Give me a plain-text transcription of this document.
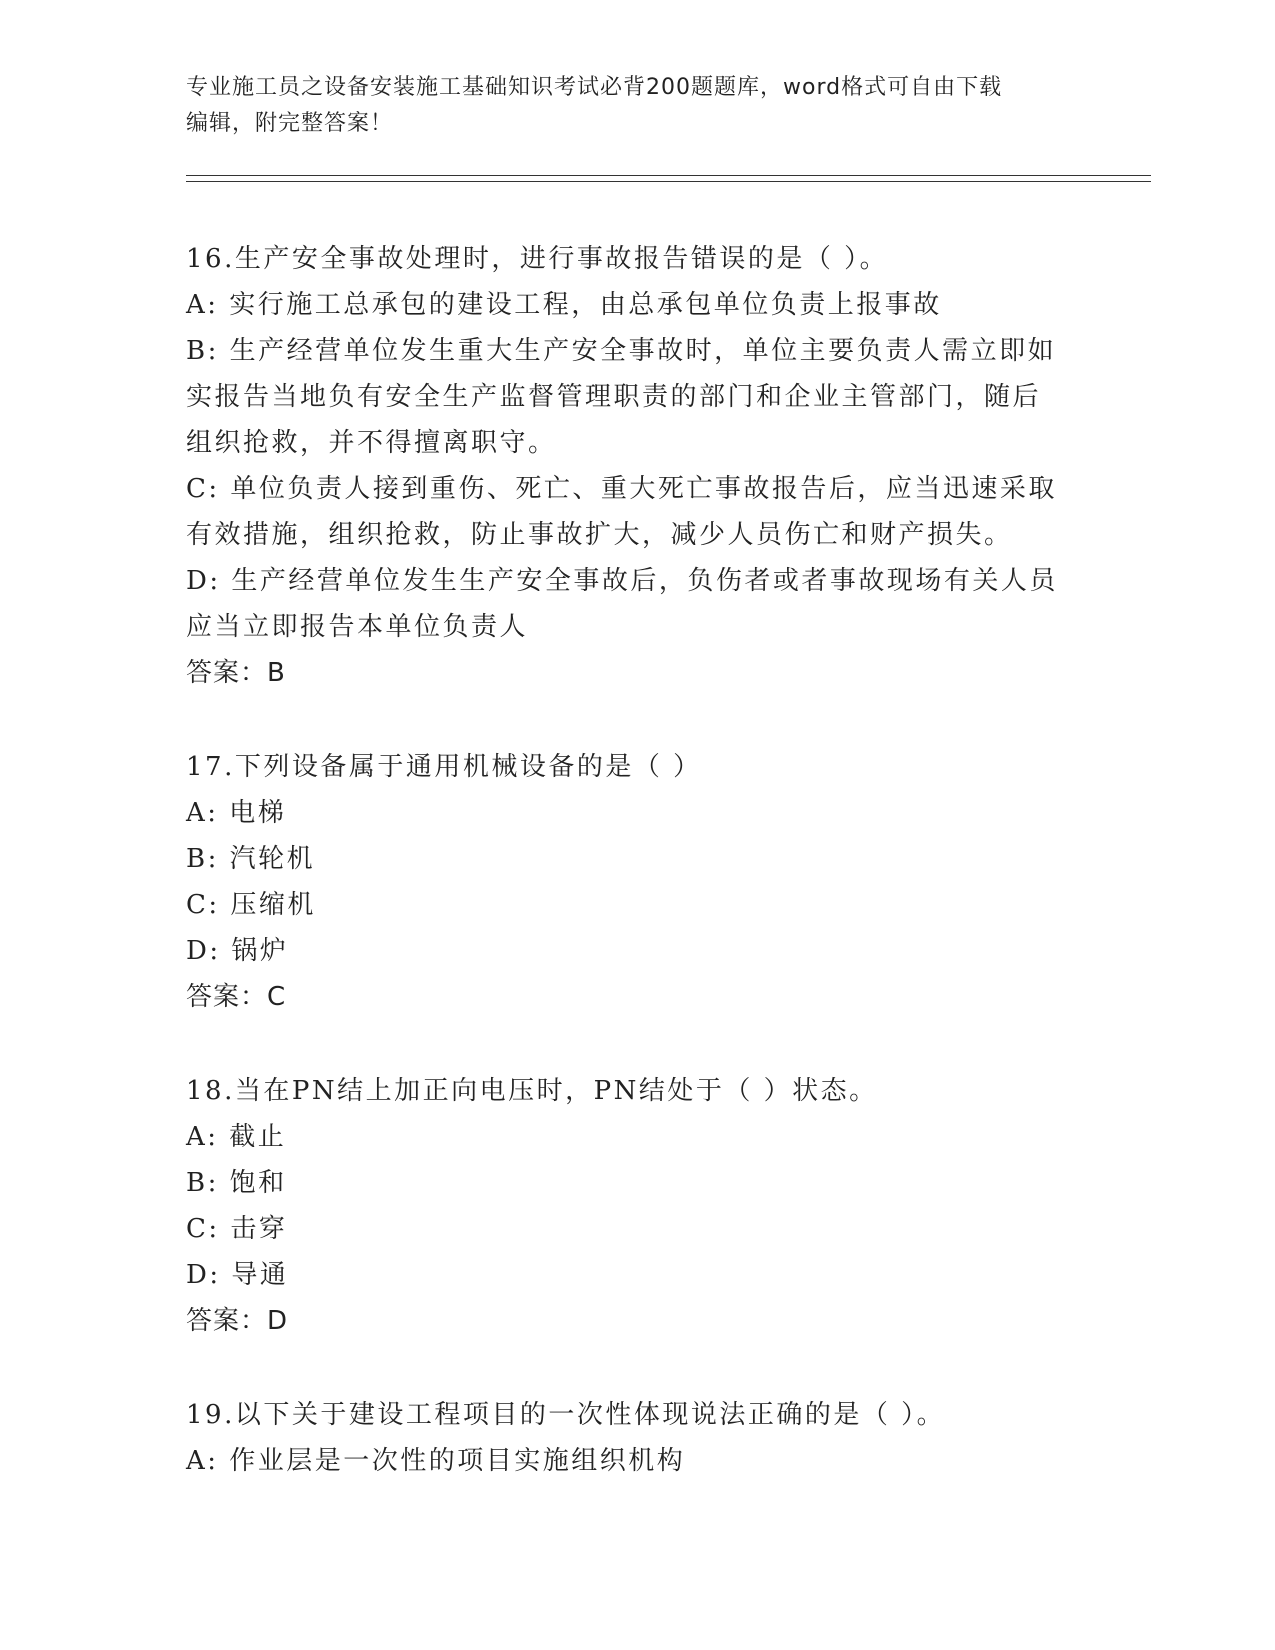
专业施工员之设备安装施工基础知识考试必背200题题库，word格式可自由下载
编辑，附完整答案！
16.生产安全事故处理时，进行事故报告错误的是（ ）。
A: 实行施工总承包的建设工程，由总承包单位负责上报事故
B: 生产经营单位发生重大生产安全事故时，单位主要负责人需立即如
实报告当地负有安全生产监督管理职责的部门和企业主管部门，随后
组织抢救，并不得擅离职守。
C: 单位负责人接到重伤、死亡、重大死亡事故报告后，应当迅速采取
有效措施，组织抢救，防止事故扩大，减少人员伤亡和财产损失。
D: 生产经营单位发生生产安全事故后，负伤者或者事故现场有关人员
应当立即报告本单位负责人
答案：B
17.下列设备属于通用机械设备的是（ ）
A: 电梯
B: 汽轮机
C: 压缩机
D: 锅炉
答案：C
18.当在PN结上加正向电压时，PN结处于（ ）状态。
A: 截止
B: 饱和
C: 击穿
D: 导通
答案：D
19.以下关于建设工程项目的一次性体现说法正确的是（ ）。
A: 作业层是一次性的项目实施组织机构
